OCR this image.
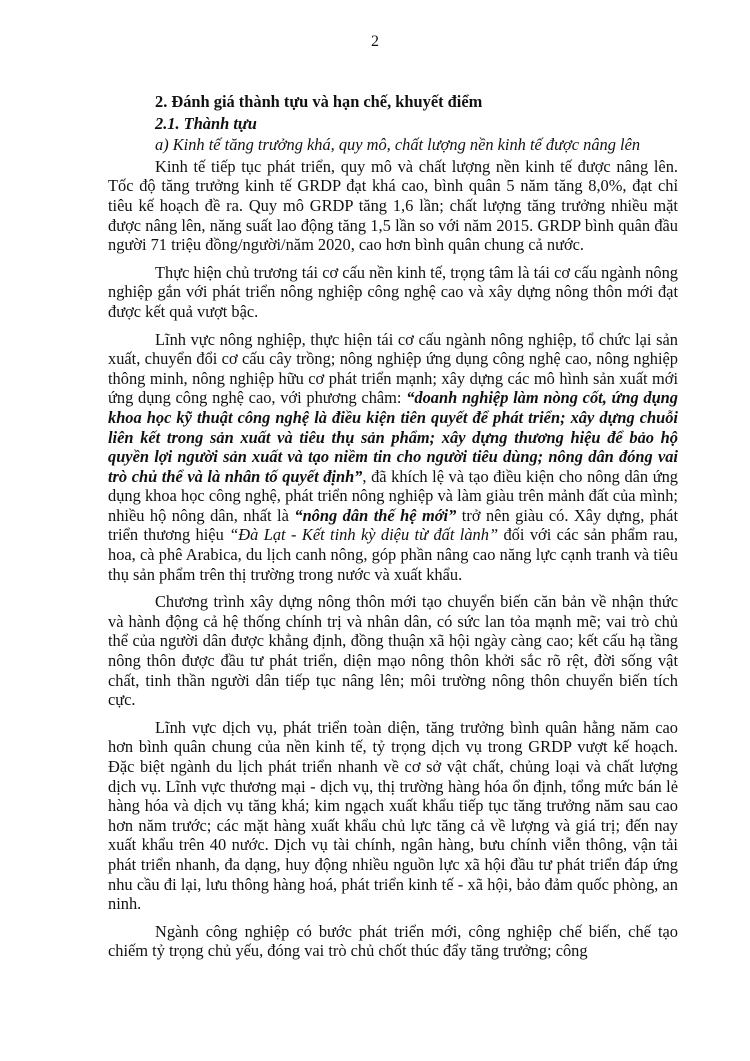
2
2. Đánh giá thành tựu và hạn chế, khuyết điểm
2.1. Thành tựu
a) Kinh tế tăng trưởng khá, quy mô, chất lượng nền kinh tế được nâng lên

Kinh tế tiếp tục phát triển, quy mô và chất lượng nền kinh tế được nâng lên. Tốc độ tăng trưởng kinh tế GRDP đạt khá cao, bình quân 5 năm tăng 8,0%, đạt chỉ tiêu kế hoạch đề ra. Quy mô GRDP tăng 1,6 lần; chất lượng tăng trưởng nhiều mặt được nâng lên, năng suất lao động tăng 1,5 lần so với năm 2015. GRDP bình quân đầu người 71 triệu đồng/người/năm 2020, cao hơn bình quân chung cả nước.

Thực hiện chủ trương tái cơ cấu nền kinh tế, trọng tâm là tái cơ cấu ngành nông nghiệp gắn với phát triển nông nghiệp công nghệ cao và xây dựng nông thôn mới đạt được kết quả vượt bậc.

Lĩnh vực nông nghiệp, thực hiện tái cơ cấu ngành nông nghiệp, tổ chức lại sản xuất, chuyển đổi cơ cấu cây trồng; nông nghiệp ứng dụng công nghệ cao, nông nghiệp thông minh, nông nghiệp hữu cơ phát triển mạnh; xây dựng các mô hình sản xuất mới ứng dụng công nghệ cao, với phương châm: “doanh nghiệp làm nòng cốt, ứng dụng khoa học kỹ thuật công nghệ là điều kiện tiên quyết để phát triển; xây dựng chuỗi liên kết trong sản xuất và tiêu thụ sản phẩm; xây dựng thương hiệu để bảo hộ quyền lợi người sản xuất và tạo niềm tin cho người tiêu dùng; nông dân đóng vai trò chủ thể và là nhân tố quyết định”, đã khích lệ và tạo điều kiện cho nông dân ứng dụng khoa học công nghệ, phát triển nông nghiệp và làm giàu trên mảnh đất của mình; nhiều hộ nông dân, nhất là “nông dân thế hệ mới” trở nên giàu có. Xây dựng, phát triển thương hiệu “Đà Lạt - Kết tinh kỳ diệu từ đất lành” đối với các sản phẩm rau, hoa, cà phê Arabica, du lịch canh nông, góp phần nâng cao năng lực cạnh tranh và tiêu thụ sản phẩm trên thị trường trong nước và xuất khẩu.

Chương trình xây dựng nông thôn mới tạo chuyển biến căn bản về nhận thức và hành động cả hệ thống chính trị và nhân dân, có sức lan tỏa mạnh mẽ; vai trò chủ thể của người dân được khẳng định, đồng thuận xã hội ngày càng cao; kết cấu hạ tầng nông thôn được đầu tư phát triển, diện mạo nông thôn khởi sắc rõ rệt, đời sống vật chất, tinh thần người dân tiếp tục nâng lên; môi trường nông thôn chuyển biến tích cực.

Lĩnh vực dịch vụ, phát triển toàn diện, tăng trưởng bình quân hằng năm cao hơn bình quân chung của nền kinh tế, tỷ trọng dịch vụ trong GRDP vượt kế hoạch. Đặc biệt ngành du lịch phát triển nhanh về cơ sở vật chất, chủng loại và chất lượng dịch vụ. Lĩnh vực thương mại - dịch vụ, thị trường hàng hóa ổn định, tổng mức bán lẻ hàng hóa và dịch vụ tăng khá; kim ngạch xuất khẩu tiếp tục tăng trưởng năm sau cao hơn năm trước; các mặt hàng xuất khẩu chủ lực tăng cả về lượng và giá trị; đến nay xuất khẩu trên 40 nước. Dịch vụ tài chính, ngân hàng, bưu chính viễn thông, vận tải phát triển nhanh, đa dạng, huy động nhiều nguồn lực xã hội đầu tư phát triển đáp ứng nhu cầu đi lại, lưu thông hàng hoá, phát triển kinh tế - xã hội, bảo đảm quốc phòng, an ninh.

Ngành công nghiệp có bước phát triển mới, công nghiệp chế biến, chế tạo chiếm tỷ trọng chủ yếu, đóng vai trò chủ chốt thúc đẩy tăng trưởng; công
